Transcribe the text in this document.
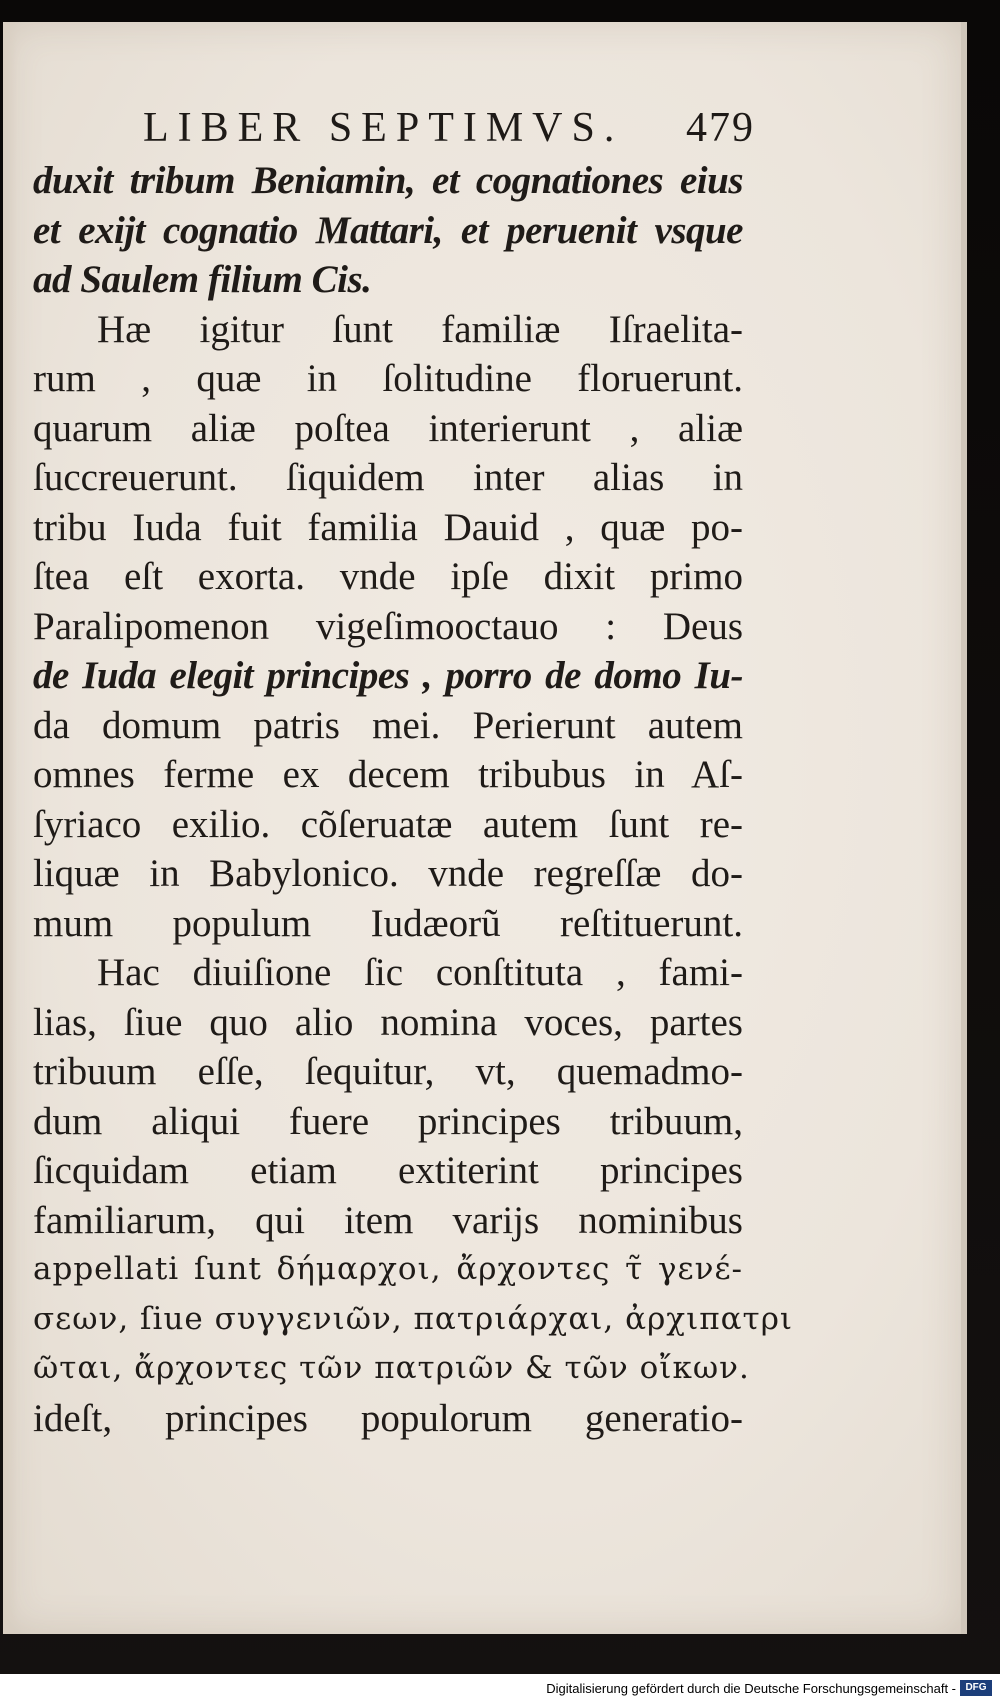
LIBER SEPTIMVS. 479
duxit tribum Beniamin, et cognationes eius
et exijt cognatio Mattari, et peruenit vsque
ad Saulem filium Cis.
Hæ igitur ſunt familiæ Iſraelita-
rum , quæ in ſolitudine floruerunt.
quarum aliæ poſtea interierunt , aliæ
ſuccreuerunt. ſiquidem inter alias in
tribu Iuda fuit familia Dauid , quæ po-
ſtea eſt exorta. vnde ipſe dixit primo
Paralipomenon vigeſimooctauo : Deus
de Iuda elegit principes , porro de domo Iu-
da domum patris mei. Perierunt autem
omnes ferme ex decem tribubus in Aſ-
ſyriaco exilio. cõſeruatæ autem ſunt re-
liquæ in Babylonico. vnde regreſſæ do-
mum populum Iudæorũ reſtituerunt.
Hac diuiſione ſic conſtituta , fami-
lias, ſiue quo alio nomina voces, partes
tribuum eſſe, ſequitur, vt, quemadmo-
dum aliqui fuere principes tribuum,
ſicquidam etiam extiterint principes
familiarum, qui item varijs nominibus
appellati ſunt δήμαρχοι, ἄρχοντες τ̃ γενέ-
σεων, ſiue συγγενιῶν, πατριάρχαι, ἀρχιπατρι
ῶται, ἄρχοντες τῶν πατριῶν & τῶν οἴκων.
ideſt, principes populorum generatio-
Digitalisierung gefördert durch die Deutsche Forschungsgemeinschaft - DFG
